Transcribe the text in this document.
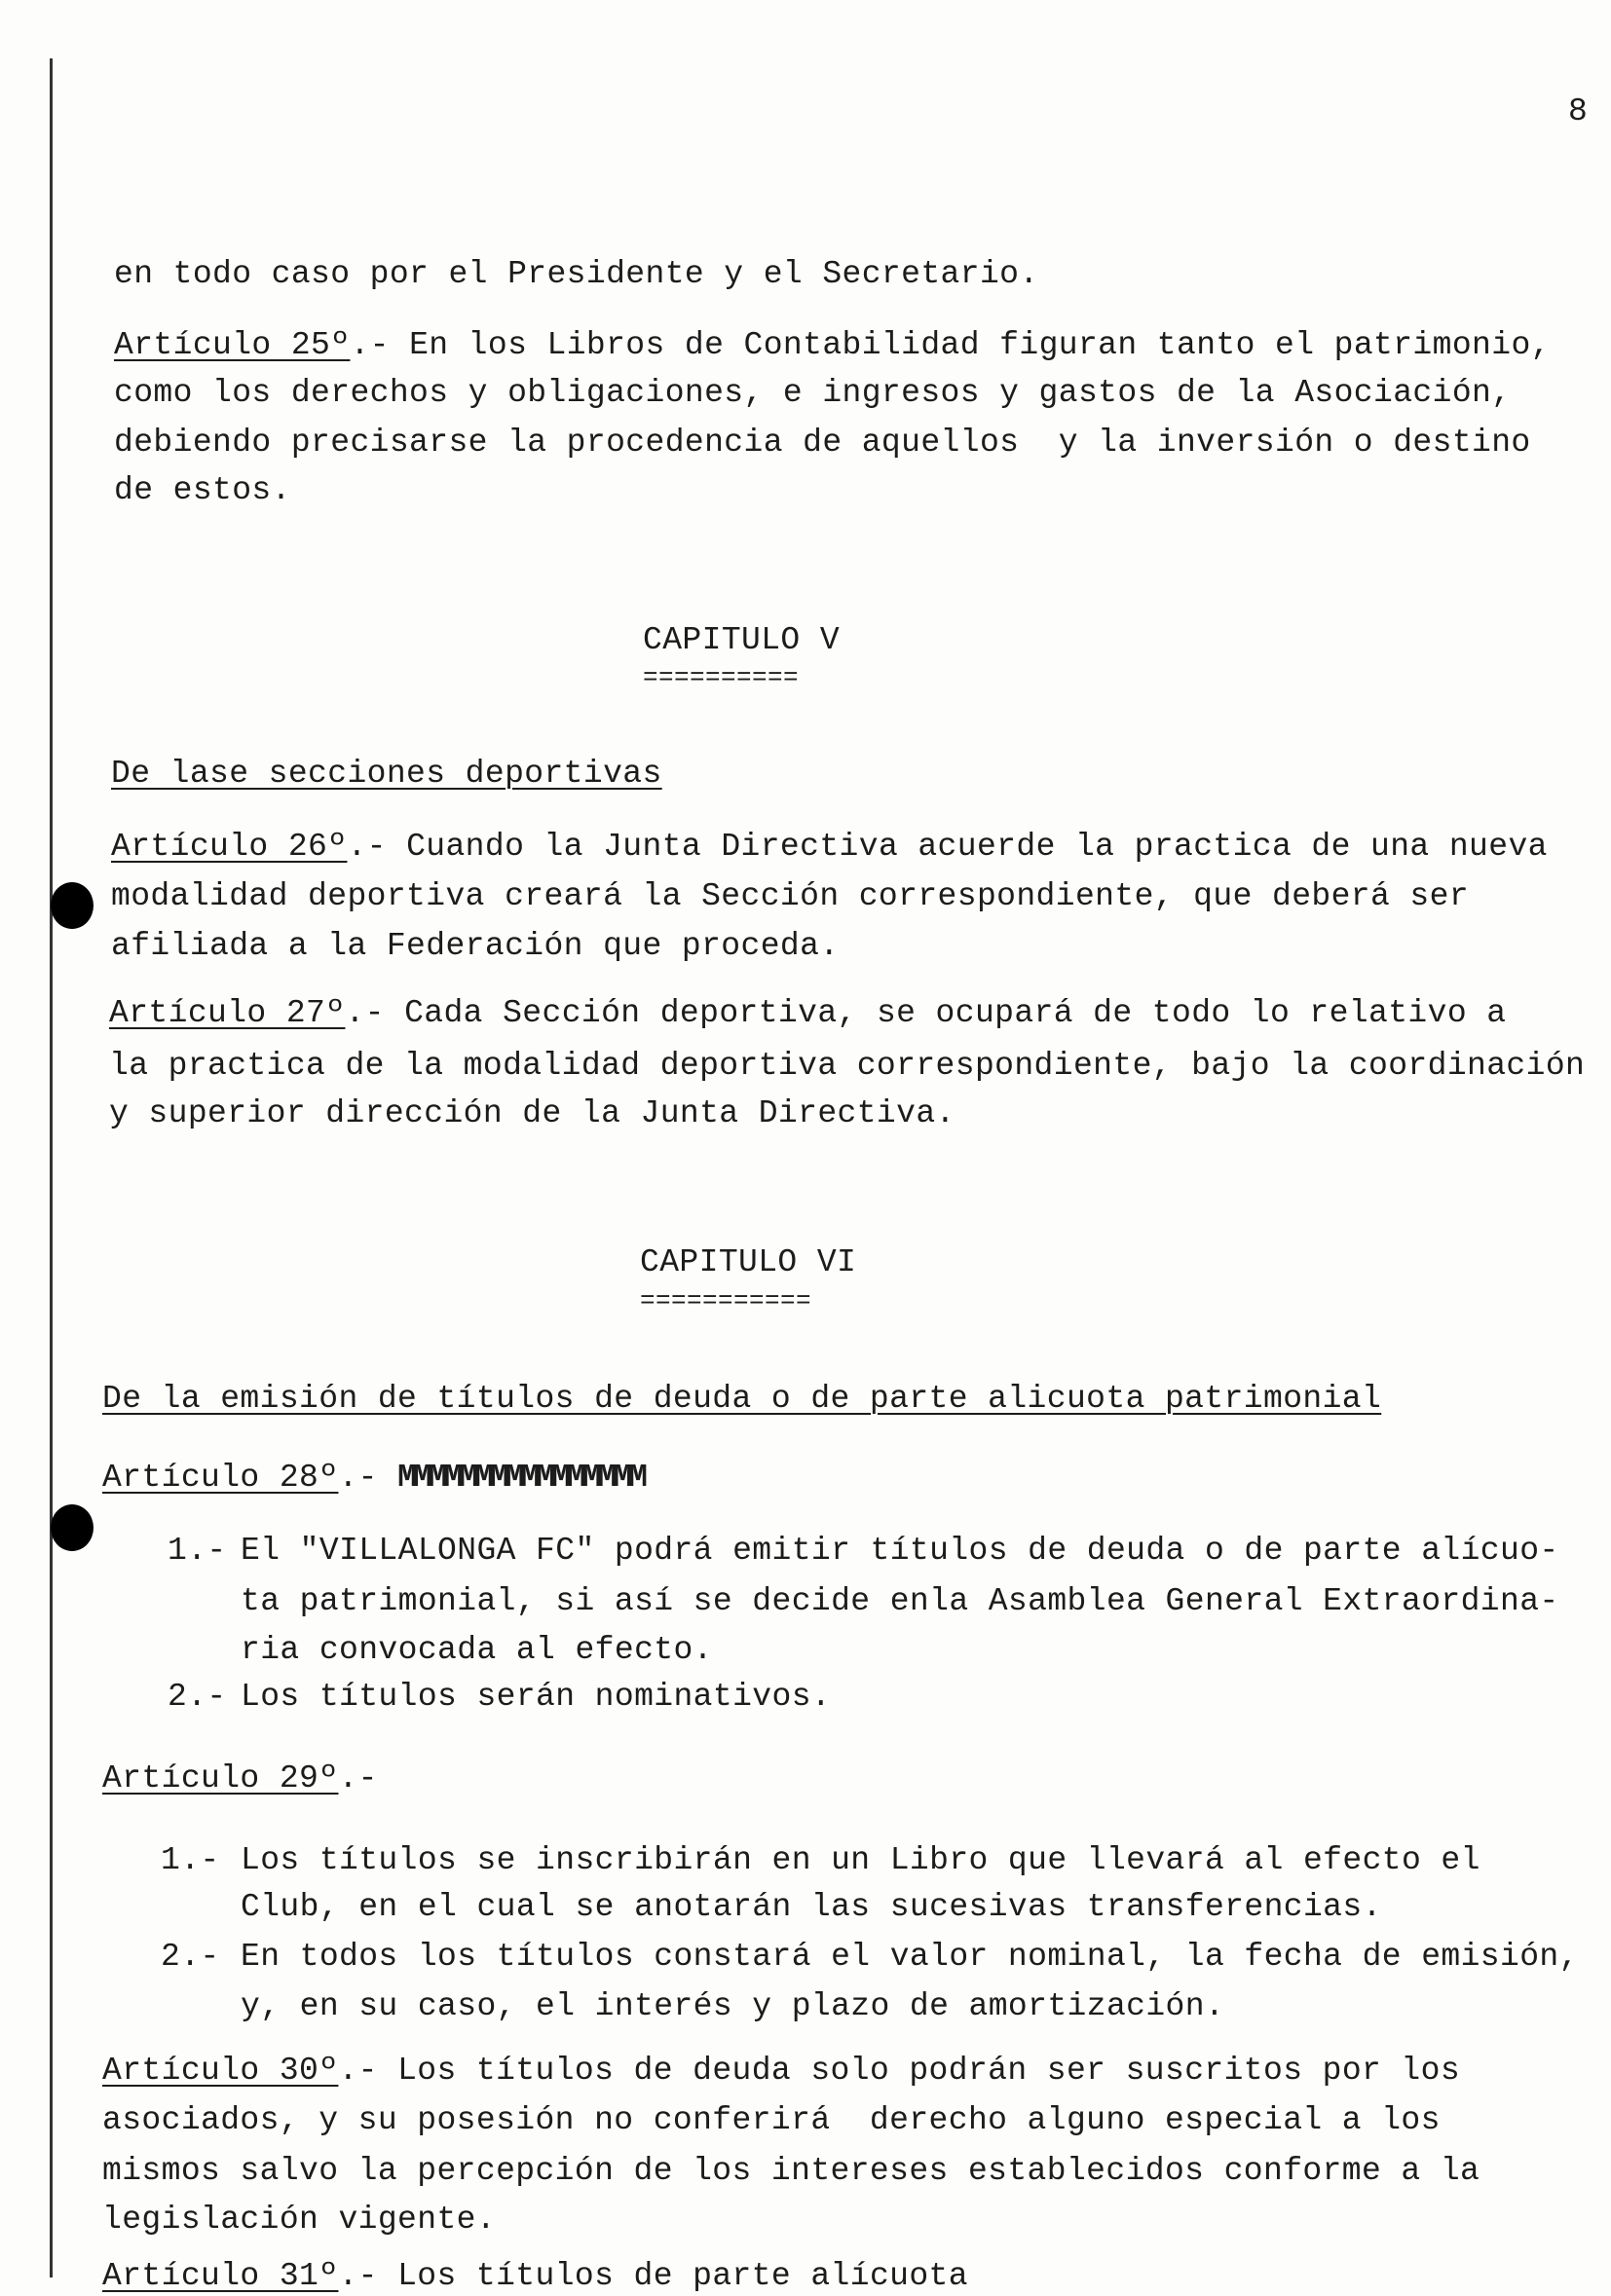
8
en todo caso por el Presidente y el Secretario.
Artículo 25º.- En los Libros de Contabilidad figuran tanto el patrimonio,
como los derechos y obligaciones, e ingresos y gastos de la Asociación,
debiendo precisarse la procedencia de aquellos  y la inversión o destino
de estos.
CAPITULO V
==========
De lase secciones deportivas
Artículo 26º.- Cuando la Junta Directiva acuerde la practica de una nueva
modalidad deportiva creará la Sección correspondiente, que deberá ser
afiliada a la Federación que proceda.
Artículo 27º.- Cada Sección deportiva, se ocupará de todo lo relativo a
la practica de la modalidad deportiva correspondiente, bajo la coordinación
y superior dirección de la Junta Directiva.
CAPITULO VI
===========
De la emisión de títulos de deuda o de parte alicuota patrimonial
Artículo 28º.- MMMMMMMMMMMMMMMM
1.- El "VILLALONGA FC" podrá emitir títulos de deuda o de parte alícuo-
ta patrimonial, si así se decide enla Asamblea General Extraordina-
ria convocada al efecto.
2.- Los títulos serán nominativos.
Artículo 29º.-
1.- Los títulos se inscribirán en un Libro que llevará al efecto el
Club, en el cual se anotarán las sucesivas transferencias.
2.- En todos los títulos constará el valor nominal, la fecha de emisión,
y, en su caso, el interés y plazo de amortización.
Artículo 30º.- Los títulos de deuda solo podrán ser suscritos por los
asociados, y su posesión no conferirá  derecho alguno especial a los
mismos salvo la percepción de los intereses establecidos conforme a la
legislación vigente.
Artículo 31º.- Los títulos de parte alícuota
